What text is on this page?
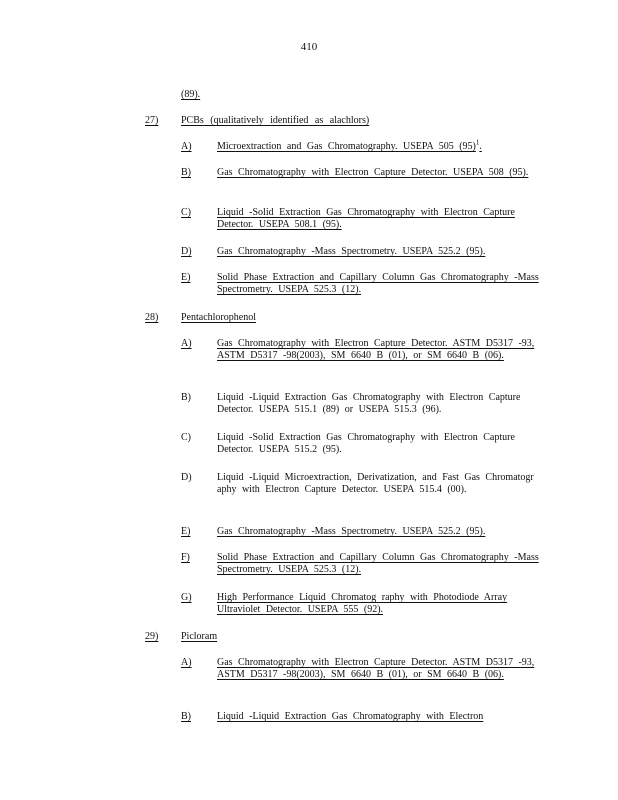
410
(89).
27) PCBs (qualitatively identified as alachlors)
A)	Microextraction and Gas Chromatography. USEPA 505 $(95)^1$.
B)	Gas Chromatography with Electron Capture Detector. USEPA 508 (95).
C)	Liquid -Solid Extraction Gas Chromatography with Electron Capture Detector. USEPA 508.1 (95).
D)	Gas Chromatography -Mass Spectrometry. USEPA 525.2 (95).
E)	Solid Phase Extraction and Capillary Column Gas Chromatography -Mass Spectrometry. USEPA 525.3 (12).
28) Pentachlorophenol
A)	Gas Chromatography with Electron Capture Detector. ASTM D5317 -93, ASTM D5317 -98(2003), SM 6640 B (01), or SM 6640 B (06).
B)	Liquid -Liquid Extraction Gas Chromatography with Electron Capture Detector. USEPA 515.1 (89) or USEPA 515.3 (96).
C)	Liquid -Solid Extraction Gas Chromatography with Electron Capture Detector. USEPA 515.2 (95).
D)	Liquid -Liquid Microextraction, Derivatization, and Fast Gas Chromatogr aphy with Electron Capture Detector. USEPA 515.4 (00).
E)	Gas Chromatography -Mass Spectrometry. USEPA 525.2 (95).
F)	Solid Phase Extraction and Capillary Column Gas Chromatography -Mass Spectrometry. USEPA 525.3 (12).
G)	High Performance Liquid Chromatog raphy with Photodiode Array Ultraviolet Detector. USEPA 555 (92).
29) Picloram
A)	Gas Chromatography with Electron Capture Detector. ASTM D5317 -93, ASTM D5317 -98(2003), SM 6640 B (01), or SM 6640 B (06).
B)	Liquid -Liquid Extraction Gas Chromatography with Electron
